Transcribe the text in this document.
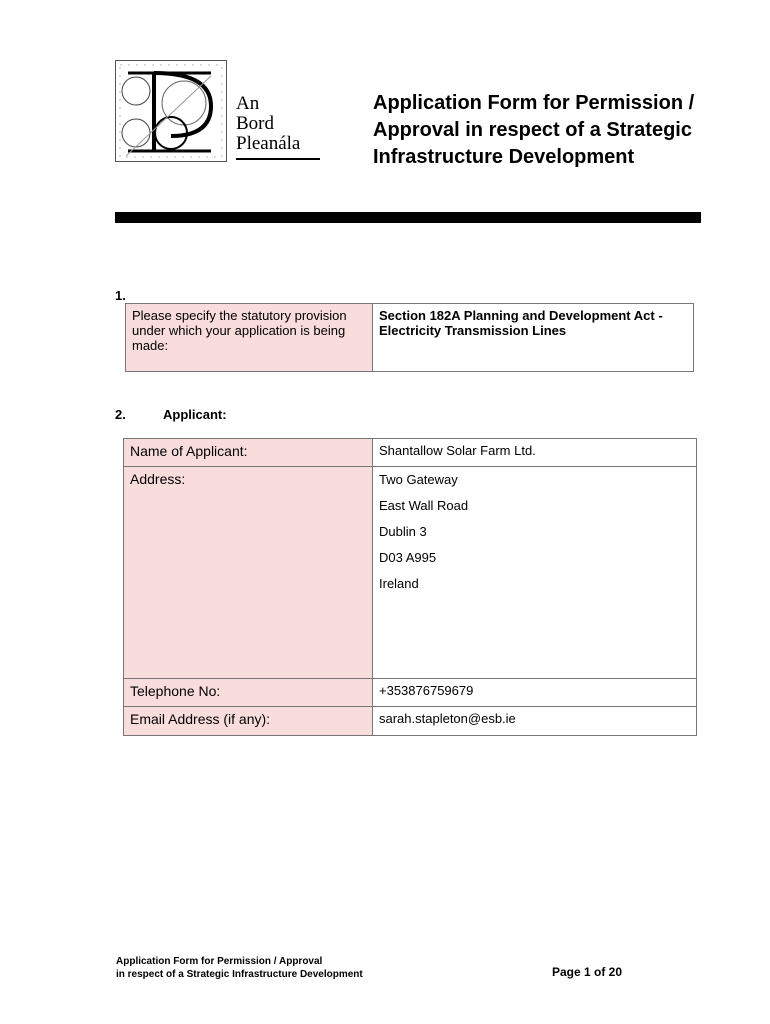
An
Bord
Pleanála
Application Form for Permission / Approval in respect of a Strategic Infrastructure Development
1.
Please specify the statutory provision under which your application is being made:	Section 182A Planning and Development Act - Electricity Transmission Lines
2.	Applicant:
Name of Applicant:	Shantallow Solar Farm Ltd.
Address:	Two Gateway
East Wall Road
Dublin 3
D03 A995
Ireland

Telephone No:	+353876759679
Email Address (if any):	sarah.stapleton@esb.ie
Application Form for Permission / Approval
in respect of a Strategic Infrastructure Development	Page 1 of 20
